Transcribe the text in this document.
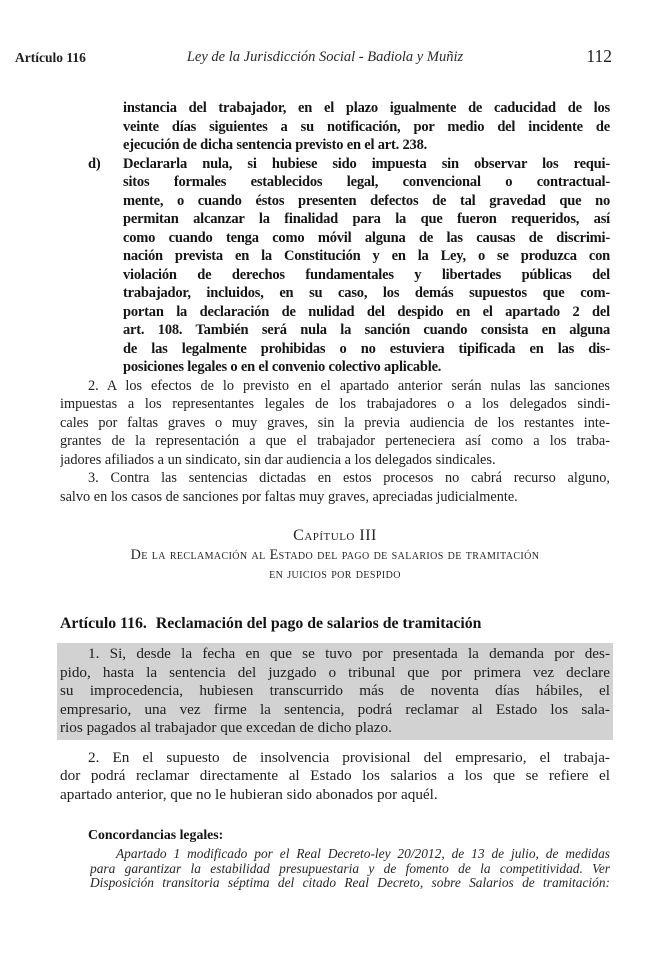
Artículo 116	Ley de la Jurisdicción Social - Badiola y Muñiz	112
instancia del trabajador, en el plazo igualmente de caducidad de los
veinte días siguientes a su notificación, por medio del incidente de
ejecución de dicha sentencia previsto en el art. 238.
d) Declararla nula, si hubiese sido impuesta sin observar los requi-
sitos formales establecidos legal, convencional o contractual-
mente, o cuando éstos presenten defectos de tal gravedad que no
permitan alcanzar la finalidad para la que fueron requeridos, así
como cuando tenga como móvil alguna de las causas de discrimi-
nación prevista en la Constitución y en la Ley, o se produzca con
violación de derechos fundamentales y libertades públicas del
trabajador, incluidos, en su caso, los demás supuestos que com-
portan la declaración de nulidad del despido en el apartado 2 del
art. 108. También será nula la sanción cuando consista en alguna
de las legalmente prohibidas o no estuviera tipificada en las dis-
posiciones legales o en el convenio colectivo aplicable.
2. A los efectos de lo previsto en el apartado anterior serán nulas las sanciones
impuestas a los representantes legales de los trabajadores o a los delegados sindi-
cales por faltas graves o muy graves, sin la previa audiencia de los restantes inte-
grantes de la representación a que el trabajador perteneciera así como a los traba-
jadores afiliados a un sindicato, sin dar audiencia a los delegados sindicales.
3. Contra las sentencias dictadas en estos procesos no cabrá recurso alguno,
salvo en los casos de sanciones por faltas muy graves, apreciadas judicialmente.
Capítulo III
De la reclamación al Estado del pago de salarios de tramitación
en juicios por despido
Artículo 116. Reclamación del pago de salarios de tramitación
1. Si, desde la fecha en que se tuvo por presentada la demanda por des-
pido, hasta la sentencia del juzgado o tribunal que por primera vez declare
su improcedencia, hubiesen transcurrido más de noventa días hábiles, el
empresario, una vez firme la sentencia, podrá reclamar al Estado los sala-
rios pagados al trabajador que excedan de dicho plazo.
2. En el supuesto de insolvencia provisional del empresario, el trabaja-
dor podrá reclamar directamente al Estado los salarios a los que se refiere el
apartado anterior, que no le hubieran sido abonados por aquél.
Concordancias legales:
Apartado 1 modificado por el Real Decreto-ley 20/2012, de 13 de julio, de medidas
para garantizar la estabilidad presupuestaria y de fomento de la competitividad. Ver
Disposición transitoria séptima del citado Real Decreto, sobre Salarios de tramitación:
